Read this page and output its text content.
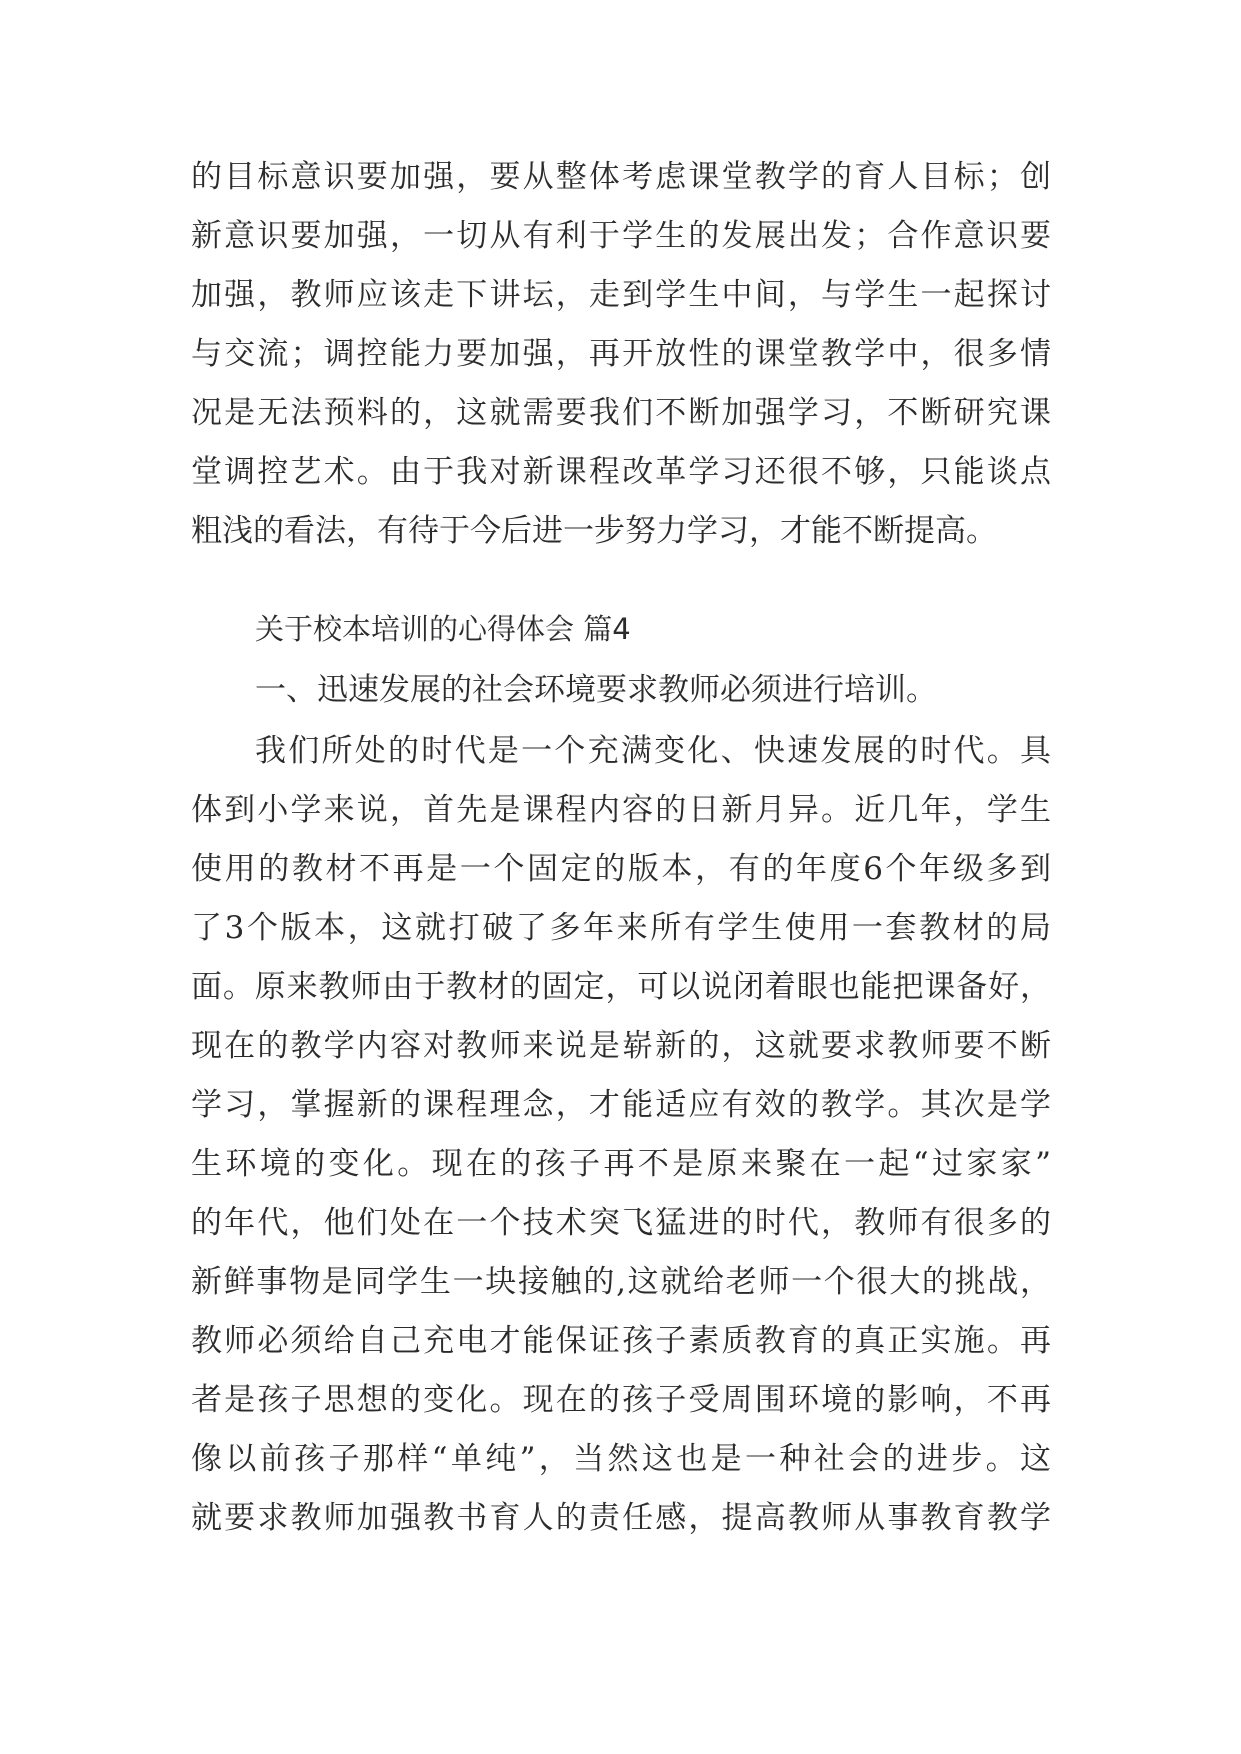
的目标意识要加强，要从整体考虑课堂教学的育人目标；创
新意识要加强，一切从有利于学生的发展出发；合作意识要
加强，教师应该走下讲坛，走到学生中间，与学生一起探讨
与交流；调控能力要加强，再开放性的课堂教学中，很多情
况是无法预料的，这就需要我们不断加强学习，不断研究课
堂调控艺术。由于我对新课程改革学习还很不够，只能谈点
粗浅的看法，有待于今后进一步努力学习，才能不断提高。
关于校本培训的心得体会 篇4
一、迅速发展的社会环境要求教师必须进行培训。
我们所处的时代是一个充满变化、快速发展的时代。具
体到小学来说，首先是课程内容的日新月异。近几年，学生
使用的教材不再是一个固定的版本，有的年度6个年级多到
了3个版本，这就打破了多年来所有学生使用一套教材的局
面。原来教师由于教材的固定，可以说闭着眼也能把课备好，
现在的教学内容对教师来说是崭新的，这就要求教师要不断
学习，掌握新的课程理念，才能适应有效的教学。其次是学
生环境的变化。现在的孩子再不是原来聚在一起“过家家”
的年代，他们处在一个技术突飞猛进的时代，教师有很多的
新鲜事物是同学生一块接触的,这就给老师一个很大的挑战，
教师必须给自己充电才能保证孩子素质教育的真正实施。再
者是孩子思想的变化。现在的孩子受周围环境的影响，不再
像以前孩子那样“单纯”，当然这也是一种社会的进步。这
就要求教师加强教书育人的责任感，提高教师从事教育教学
